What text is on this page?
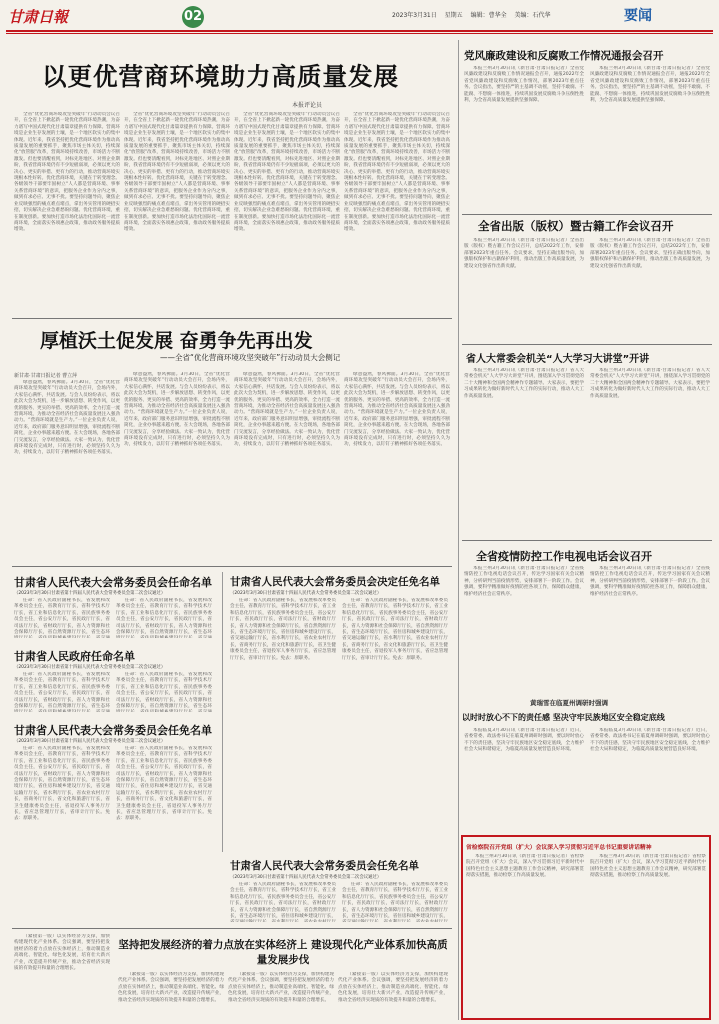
甘肃日報	02	2023年3月31日 星期五 编辑：曹华全 美编：石代华	要闻
以更优营商环境助力高质量发展
本报评论员

全省“优化营商环境攻坚突破年”行动动员会议召开，在全省上下掀起新一轮优化营商环境热潮，为奋力谱写中国式现代化甘肃篇章提供有力保障。营商环境是企业生存发展的土壤，是一个地区软实力的集中体现。近年来，我省坚持把优化营商环境作为推动高质量发展的重要抓手，聚焦市场主体关切，持续深化“放管服”改革，营商环境持续改善，市场活力不断激发。但也要清醒看到，对标先进地区、对照企业期盼，我省营商环境仍有不少短板弱项，必须以更大的决心、更实的举措、更有力的行动，推动营商环境实现根本性好转。优化营商环境，关键在于转变理念。各级领导干部要牢固树立“人人都是营商环境、事事关系营商环境”的意识，把服务企业作为分内之事，做到有求必应、无事不扰。要坚持问题导向，聚焦企业反映强烈的痛点难点堵点，拿出务实管用的硬招实招，切实解决企业急难愁盼问题。优化营商环境，重在制度创新。要加快打造市场化法治化国际化一流营商环境，全面落实各项惠企政策，推动政务服务提质增效。

全省“优化营商环境攻坚突破年”行动动员会议召开，在全省上下掀起新一轮优化营商环境热潮，为奋力谱写中国式现代化甘肃篇章提供有力保障。营商环境是企业生存发展的土壤，是一个地区软实力的集中体现。近年来，我省坚持把优化营商环境作为推动高质量发展的重要抓手，聚焦市场主体关切，持续深化“放管服”改革，营商环境持续改善，市场活力不断激发。但也要清醒看到，对标先进地区、对照企业期盼，我省营商环境仍有不少短板弱项，必须以更大的决心、更实的举措、更有力的行动，推动营商环境实现根本性好转。优化营商环境，关键在于转变理念。各级领导干部要牢固树立“人人都是营商环境、事事关系营商环境”的意识，把服务企业作为分内之事，做到有求必应、无事不扰。要坚持问题导向，聚焦企业反映强烈的痛点难点堵点，拿出务实管用的硬招实招，切实解决企业急难愁盼问题。优化营商环境，重在制度创新。要加快打造市场化法治化国际化一流营商环境，全面落实各项惠企政策，推动政务服务提质增效。

全省“优化营商环境攻坚突破年”行动动员会议召开，在全省上下掀起新一轮优化营商环境热潮，为奋力谱写中国式现代化甘肃篇章提供有力保障。营商环境是企业生存发展的土壤，是一个地区软实力的集中体现。近年来，我省坚持把优化营商环境作为推动高质量发展的重要抓手，聚焦市场主体关切，持续深化“放管服”改革，营商环境持续改善，市场活力不断激发。但也要清醒看到，对标先进地区、对照企业期盼，我省营商环境仍有不少短板弱项，必须以更大的决心、更实的举措、更有力的行动，推动营商环境实现根本性好转。优化营商环境，关键在于转变理念。各级领导干部要牢固树立“人人都是营商环境、事事关系营商环境”的意识，把服务企业作为分内之事，做到有求必应、无事不扰。要坚持问题导向，聚焦企业反映强烈的痛点难点堵点，拿出务实管用的硬招实招，切实解决企业急难愁盼问题。优化营商环境，重在制度创新。要加快打造市场化法治化国际化一流营商环境，全面落实各项惠企政策，推动政务服务提质增效。

全省“优化营商环境攻坚突破年”行动动员会议召开，在全省上下掀起新一轮优化营商环境热潮，为奋力谱写中国式现代化甘肃篇章提供有力保障。营商环境是企业生存发展的土壤，是一个地区软实力的集中体现。近年来，我省坚持把优化营商环境作为推动高质量发展的重要抓手，聚焦市场主体关切，持续深化“放管服”改革，营商环境持续改善，市场活力不断激发。但也要清醒看到，对标先进地区、对照企业期盼，我省营商环境仍有不少短板弱项，必须以更大的决心、更实的举措、更有力的行动，推动营商环境实现根本性好转。优化营商环境，关键在于转变理念。各级领导干部要牢固树立“人人都是营商环境、事事关系营商环境”的意识，把服务企业作为分内之事，做到有求必应、无事不扰。要坚持问题导向，聚焦企业反映强烈的痛点难点堵点，拿出务实管用的硬招实招，切实解决企业急难愁盼问题。优化营商环境，重在制度创新。要加快打造市场化法治化国际化一流营商环境，全面落实各项惠企政策，推动政务服务提质增效。

厚植沃土促发展 奋勇争先再出发
——全省“优化营商环境攻坚突破年”行动动员大会侧记
新甘肃·甘肃日报记者 曹立萍

绿意盎然，春风拂面。3月30日，全省“优化营商环境攻坚突破年”行动动员大会召开，会场内外，大家信心满怀，共话发展。与会人员纷纷表示，将以此次大会为契机，进一步解放思想、转变作风，以更优的服务、更实的举措、更高的效率，全力打造一流营商环境，为推动全省经济社会高质量发展注入强劲动力。“营商环境就是生产力。”一位企业负责人说，近年来，政府部门服务意识明显增强，审批流程不断简化，企业办事越来越方便。在大会现场，各地各部门交流发言，分享经验做法。大家一致认为，优化营商环境没有完成时，只有进行时，必须坚持久久为功，持续发力，以钉钉子精神抓好各项任务落实。

绿意盎然，春风拂面。3月30日，全省“优化营商环境攻坚突破年”行动动员大会召开，会场内外，大家信心满怀，共话发展。与会人员纷纷表示，将以此次大会为契机，进一步解放思想、转变作风，以更优的服务、更实的举措、更高的效率，全力打造一流营商环境，为推动全省经济社会高质量发展注入强劲动力。“营商环境就是生产力。”一位企业负责人说，近年来，政府部门服务意识明显增强，审批流程不断简化，企业办事越来越方便。在大会现场，各地各部门交流发言，分享经验做法。大家一致认为，优化营商环境没有完成时，只有进行时，必须坚持久久为功，持续发力，以钉钉子精神抓好各项任务落实。

绿意盎然，春风拂面。3月30日，全省“优化营商环境攻坚突破年”行动动员大会召开，会场内外，大家信心满怀，共话发展。与会人员纷纷表示，将以此次大会为契机，进一步解放思想、转变作风，以更优的服务、更实的举措、更高的效率，全力打造一流营商环境，为推动全省经济社会高质量发展注入强劲动力。“营商环境就是生产力。”一位企业负责人说，近年来，政府部门服务意识明显增强，审批流程不断简化，企业办事越来越方便。在大会现场，各地各部门交流发言，分享经验做法。大家一致认为，优化营商环境没有完成时，只有进行时，必须坚持久久为功，持续发力，以钉钉子精神抓好各项任务落实。

绿意盎然，春风拂面。3月30日，全省“优化营商环境攻坚突破年”行动动员大会召开，会场内外，大家信心满怀，共话发展。与会人员纷纷表示，将以此次大会为契机，进一步解放思想、转变作风，以更优的服务、更实的举措、更高的效率，全力打造一流营商环境，为推动全省经济社会高质量发展注入强劲动力。“营商环境就是生产力。”一位企业负责人说，近年来，政府部门服务意识明显增强，审批流程不断简化，企业办事越来越方便。在大会现场，各地各部门交流发言，分享经验做法。大家一致认为，优化营商环境没有完成时，只有进行时，必须坚持久久为功，持续发力，以钉钉子精神抓好各项任务落实。

甘肃省人民代表大会常务委员会任命名单
（2023年3月30日甘肃省第十四届人民代表大会常务委员会第二次会议通过）

任命：省人民政府副秘书长，省发展和改革委员会主任，省教育厅厅长，省科学技术厅厅长，省工业和信息化厅厅长，省民族事务委员会主任，省公安厅厅长，省民政厅厅长，省司法厅厅长，省财政厅厅长，省人力资源和社会保障厅厅长，省自然资源厅厅长，省生态环

任命：省人民政府副秘书长，省发展和改革委员会主任，省教育厅厅长，省科学技术厅厅长，省工业和信息化厅厅长，省民族事务委员会主任，省公安厅厅长，省民政厅厅长，省司法厅厅长，省财政厅厅长，省人力资源和社会保障厅厅长，省自然资源厅厅长，省生态环

甘肃省人民政府任命名单
（2023年3月30日甘肃省第十四届人民代表大会常务委员会第二次会议通过）

任命：省人民政府副秘书长，省发展和改革委员会主任，省教育厅厅长，省科学技术厅厅长，省工业和信息化厅厅长，省民族事务委员会主任，省公安厅厅长，省民政厅厅长，省司法厅厅长，省财政厅厅长，省人力资源和社会保障厅厅长，省自然资源厅厅长，省生态环

任命：省人民政府副秘书长，省发展和改革委员会主任，省教育厅厅长，省科学技术厅厅长，省工业和信息化厅厅长，省民族事务委员会主任，省公安厅厅长，省民政厅厅长，省司法厅厅长，省财政厅厅长，省人力资源和社会保障厅厅长，省自然资源厅厅长，省生态环

甘肃省人民代表大会常务委员会任免名单
（2023年3月30日甘肃省第十四届人民代表大会常务委员会第二次会议通过）

任命：省人民政府副秘书长，省发展和改革委员会主任，省教育厅厅长，省科学技术厅厅长，省工业和信息化厅厅长，省民族事务委员会主任，省公安厅厅长，省民政厅厅长，省司法厅厅长，省财政厅厅长，省人力资源和社会保障厅厅长，省自然资源厅厅长，省生态环境厅厅长，省住房和城乡建设厅厅长，省交通运输厅厅长，省水利厅厅长，省农业农村厅厅长，省商务厅厅长，省文化和旅游厅厅长，省卫生健康委员会主任，省退役军人事务厅厅长，省应急管理厅厅长，省审计厅厅长。免去：原职务。

任命：省人民政府副秘书长，省发展和改革委员会主任，省教育厅厅长，省科学技术厅厅长，省工业和信息化厅厅长，省民族事务委员会主任，省公安厅厅长，省民政厅厅长，省司法厅厅长，省财政厅厅长，省人力资源和社会保障厅厅长，省自然资源厅厅长，省生态环境厅厅长，省住房和城乡建设厅厅长，省交通运输厅厅长，省水利厅厅长，省农业农村厅厅长，省商务厅厅长，省文化和旅游厅厅长，省卫生健康委员会主任，省退役军人事务厅厅长，省应急管理厅厅长，省审计厅厅长。免去：原职务。

甘肃省人民代表大会常务委员会决定任免名单
（2023年3月30日甘肃省第十四届人民代表大会常务委员会第二次会议通过）

任命：省人民政府副秘书长，省发展和改革委员会主任，省教育厅厅长，省科学技术厅厅长，省工业和信息化厅厅长，省民族事务委员会主任，省公安厅厅长，省民政厅厅长，省司法厅厅长，省财政厅厅长，省人力资源和社会保障厅厅长，省自然资源厅厅长，省生态环境厅厅长，省住房和城乡建设厅厅长，省交通运输厅厅长，省水利厅厅长，省农业农村厅厅长，省商务厅厅长，省文化和旅游厅厅长，省卫生健康委员会主任，省退役军人事务厅厅长，省应急管理厅厅长，省审计厅厅长。免去：原职务。

任命：省人民政府副秘书长，省发展和改革委员会主任，省教育厅厅长，省科学技术厅厅长，省工业和信息化厅厅长，省民族事务委员会主任，省公安厅厅长，省民政厅厅长，省司法厅厅长，省财政厅厅长，省人力资源和社会保障厅厅长，省自然资源厅厅长，省生态环境厅厅长，省住房和城乡建设厅厅长，省交通运输厅厅长，省水利厅厅长，省农业农村厅厅长，省商务厅厅长，省文化和旅游厅厅长，省卫生健康委员会主任，省退役军人事务厅厅长，省应急管理厅厅长，省审计厅厅长。免去：原职务。

甘肃省人民代表大会常务委员会任免名单
（2023年3月30日甘肃省第十四届人民代表大会常务委员会第二次会议通过）

任命：省人民政府副秘书长，省发展和改革委员会主任，省教育厅厅长，省科学技术厅厅长，省工业和信息化厅厅长，省民族事务委员会主任，省公安厅厅长，省民政厅厅长，省司法厅厅长，省财政厅厅长，省人力资源和社会保障厅厅长，省自然资源厅厅长，省生态环境厅厅长，省住房和城乡建设厅厅长，

任命：省人民政府副秘书长，省发展和改革委员会主任，省教育厅厅长，省科学技术厅厅长，省工业和信息化厅厅长，省民族事务委员会主任，省公安厅厅长，省民政厅厅长，省司法厅厅长，省财政厅厅长，省人力资源和社会保障厅厅长，省自然资源厅厅长，省生态环境厅厅长，省住房和城乡建设厅厅长，

（紧接第一版）以实体经济为支撑，加快构建现代化产业体系。会议强调，要坚持把发展经济的着力点放在实体经济上，推动制造业高端化、智能化、绿色化发展，培育壮大新兴产业，改造提升传统产业，推动全省经济实现质的有效提升和量的合理增长。

坚持把发展经济的着力点放在实体经济上 建设现代化产业体系加快高质量发展步伐

（紧接第一版）以实体经济为支撑，加快构建现代化产业体系。会议强调，要坚持把发展经济的着力点放在实体经济上，推动制造业高端化、智能化、绿色化发展，培育壮大新兴产业，改造提升传统产业，推动全省经济实现质的有效提升和量的合理增长。

（紧接第一版）以实体经济为支撑，加快构建现代化产业体系。会议强调，要坚持把发展经济的着力点放在实体经济上，推动制造业高端化、智能化、绿色化发展，培育壮大新兴产业，改造提升传统产业，推动全省经济实现质的有效提升和量的合理增长。

（紧接第一版）以实体经济为支撑，加快构建现代化产业体系。会议强调，要坚持把发展经济的着力点放在实体经济上，推动制造业高端化、智能化、绿色化发展，培育壮大新兴产业，改造提升传统产业，推动全省经济实现质的有效提升和量的合理增长。

党风廉政建设和反腐败工作情况通报会召开

本报兰州3月30日讯（新甘肃·甘肃日报记者）全省党风廉政建设和反腐败工作情况通报会召开，通报2022年全省党风廉政建设和反腐败工作情况，部署2023年重点任务。会议指出，要坚持严的主基调不动摇，坚持不敢腐、不能腐、不想腐一体推进，持续巩固发展反腐败斗争压倒性胜利，为全省高质量发展提供坚强保障。

本报兰州3月30日讯（新甘肃·甘肃日报记者）全省党风廉政建设和反腐败工作情况通报会召开，通报2022年全省党风廉政建设和反腐败工作情况，部署2023年重点任务。会议指出，要坚持严的主基调不动摇，坚持不敢腐、不能腐、不想腐一体推进，持续巩固发展反腐败斗争压倒性胜利，为全省高质量发展提供坚强保障。

全省出版（版权）暨古籍工作会议召开

本报兰州3月30日讯（新甘肃·甘肃日报记者）全省出版（版权）暨古籍工作会议召开，总结2022年工作，安排部署2023年重点任务。会议要求，坚持正确出版导向，加强版权保护和古籍保护利用，推动出版工作高质量发展，为建设文化强省作出新贡献。

本报兰州3月30日讯（新甘肃·甘肃日报记者）全省出版（版权）暨古籍工作会议召开，总结2022年工作，安排部署2023年重点任务。会议要求，坚持正确出版导向，加强版权保护和古籍保护利用，推动出版工作高质量发展，为建设文化强省作出新贡献。

省人大常委会机关“人大学习大讲堂”开讲

本报兰州3月30日讯（新甘肃·甘肃日报记者）省人大常委会机关“人大学习大讲堂”开讲，围绕深入学习贯彻党的二十大精神和全国两会精神作专题辅导。大家表示，要把学习成果转化为做好新时代人大工作的实际行动，推动人大工作高质量发展。

本报兰州3月30日讯（新甘肃·甘肃日报记者）省人大常委会机关“人大学习大讲堂”开讲，围绕深入学习贯彻党的二十大精神和全国两会精神作专题辅导。大家表示，要把学习成果转化为做好新时代人大工作的实际行动，推动人大工作高质量发展。

全省疫情防控工作电视电话会议召开

本报兰州3月30日讯（新甘肃·甘肃日报记者）全省疫情防控工作电视电话会议召开，传达学习国家有关会议精神，分析研判当前疫情形势，安排部署下一阶段工作。会议强调，要科学精准做好疫情防控各项工作，保障群众健康，维护经济社会正常秩序。

本报兰州3月30日讯（新甘肃·甘肃日报记者）全省疫情防控工作电视电话会议召开，传达学习国家有关会议精神，分析研判当前疫情形势，安排部署下一阶段工作。会议强调，要科学精准做好疫情防控各项工作，保障群众健康，维护经济社会正常秩序。

黄瑞雪在临夏州调研时强调
以时时放心不下的责任感 坚决守牢民族地区安全稳定底线

本报临夏3月30日讯（新甘肃·甘肃日报记者）近日，省委常委、政法委书记在临夏州调研时强调，要以时时放心不下的责任感，坚决守牢民族地区安全稳定底线，全力维护社会大局和谐稳定，为临夏高质量发展营造良好环境。

本报临夏3月30日讯（新甘肃·甘肃日报记者）近日，省委常委、政法委书记在临夏州调研时强调，要以时时放心不下的责任感，坚决守牢民族地区安全稳定底线，全力维护社会大局和谐稳定，为临夏高质量发展营造良好环境。

省检察院召开党组（扩大）会议深入学习贯彻习近平总书记重要讲话精神

本报兰州3月30日讯（新甘肃·甘肃日报记者）省检察院召开党组（扩大）会议，深入学习贯彻习近平新时代中国特色社会主义思想主题教育工作会议精神，研究部署贯彻落实措施，推动检察工作高质量发展。

本报兰州3月30日讯（新甘肃·甘肃日报记者）省检察院召开党组（扩大）会议，深入学习贯彻习近平新时代中国特色社会主义思想主题教育工作会议精神，研究部署贯彻落实措施，推动检察工作高质量发展。
